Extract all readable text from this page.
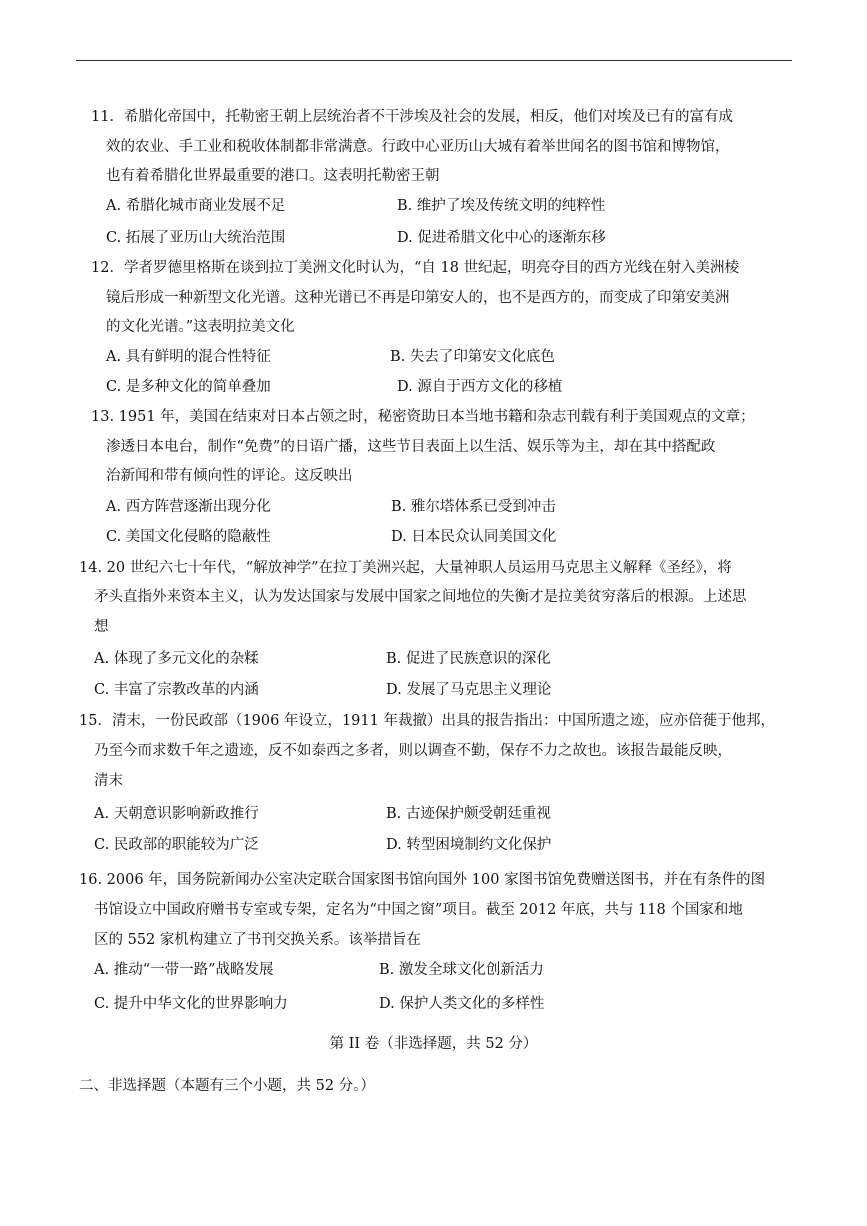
11．希腊化帝国中，托勒密王朝上层统治者不干涉埃及社会的发展，相反，他们对埃及已有的富有成
效的农业、手工业和税收体制都非常满意。行政中心亚历山大城有着举世闻名的图书馆和博物馆，
也有着希腊化世界最重要的港口。这表明托勒密王朝
A. 希腊化城市商业发展不足	B. 维护了埃及传统文明的纯粹性
C. 拓展了亚历山大统治范围	D. 促进希腊文化中心的逐渐东移
12．学者罗德里格斯在谈到拉丁美洲文化时认为，“自 18 世纪起，明亮夺目的西方光线在射入美洲棱
镜后形成一种新型文化光谱。这种光谱已不再是印第安人的，也不是西方的，而变成了印第安美洲
的文化光谱。”这表明拉美文化
A. 具有鲜明的混合性特征	B. 失去了印第安文化底色
C. 是多种文化的简单叠加	D. 源自于西方文化的移植
13. 1951 年，美国在结束对日本占领之时，秘密资助日本当地书籍和杂志刊载有利于美国观点的文章；
渗透日本电台，制作“免费”的日语广播，这些节目表面上以生活、娱乐等为主，却在其中搭配政
治新闻和带有倾向性的评论。这反映出
A. 西方阵营逐渐出现分化	B. 雅尔塔体系已受到冲击
C. 美国文化侵略的隐蔽性	D. 日本民众认同美国文化
14. 20 世纪六七十年代，“解放神学”在拉丁美洲兴起，大量神职人员运用马克思主义解释《圣经》，将
矛头直指外来资本主义，认为发达国家与发展中国家之间地位的失衡才是拉美贫穷落后的根源。上述思
想
A. 体现了多元文化的杂糅	B. 促进了民族意识的深化
C. 丰富了宗教改革的内涵	D. 发展了马克思主义理论
15．清末，一份民政部（1906 年设立，1911 年裁撤）出具的报告指出：中国所遗之迹，应亦倍蓰于他邦，
乃至今而求数千年之遗迹，反不如泰西之多者，则以调查不勤，保存不力之故也。该报告最能反映，
清末
A. 天朝意识影响新政推行	B. 古迹保护颇受朝廷重视
C. 民政部的职能较为广泛	D. 转型困境制约文化保护
16. 2006 年，国务院新闻办公室决定联合国家图书馆向国外 100 家图书馆免费赠送图书，并在有条件的图
书馆设立中国政府赠书专室或专架，定名为“中国之窗”项目。截至 2012 年底，共与 118 个国家和地
区的 552 家机构建立了书刊交换关系。该举措旨在
A. 推动“一带一路”战略发展	B. 激发全球文化创新活力
C. 提升中华文化的世界影响力	D. 保护人类文化的多样性
第 II 卷（非选择题，共 52 分）
二、非选择题（本题有三个小题，共 52 分。）
